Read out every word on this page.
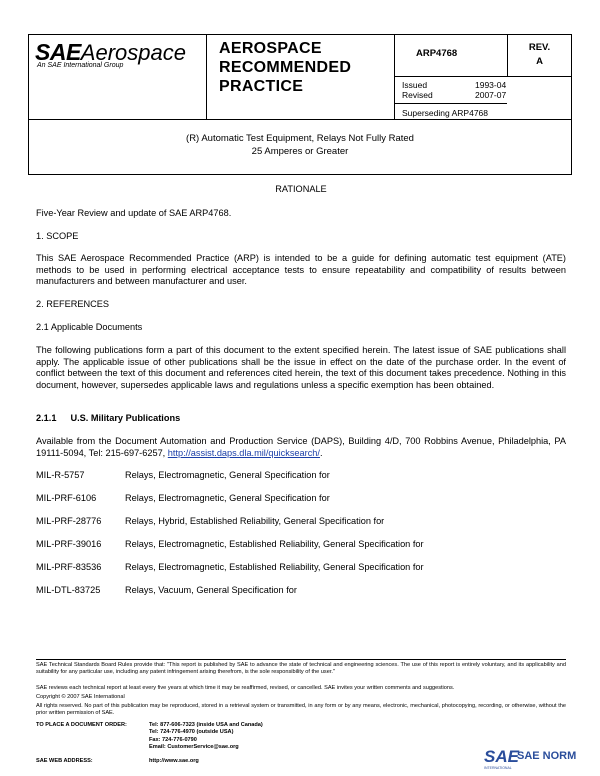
SAEAerospace
An SAE International Group
AEROSPACE
RECOMMENDED
PRACTICE
ARP4768
REV.
A
Issued	1993-04
Revised	2007-07
Superseding ARP4768
(R) Automatic Test Equipment, Relays Not Fully Rated
25 Amperes or Greater
RATIONALE
Five-Year Review and update of SAE ARP4768.
1. SCOPE
This SAE Aerospace Recommended Practice (ARP) is intended to be a guide for defining automatic test equipment (ATE) methods to be used in performing electrical acceptance tests to ensure repeatability and compatibility of results between manufacturers and between manufacturer and user.
2. REFERENCES
2.1 Applicable Documents
The following publications form a part of this document to the extent specified herein. The latest issue of SAE publications shall apply. The applicable issue of other publications shall be the issue in effect on the date of the purchase order. In the event of conflict between the text of this document and references cited herein, the text of this document takes precedence. Nothing in this document, however, supersedes applicable laws and regulations unless a specific exemption has been obtained.
2.1.1 U.S. Military Publications
Available from the Document Automation and Production Service (DAPS), Building 4/D, 700 Robbins Avenue, Philadelphia, PA 19111-5094, Tel: 215-697-6257, http://assist.daps.dla.mil/quicksearch/.
MIL-R-5757	Relays, Electromagnetic, General Specification for
MIL-PRF-6106	Relays, Electromagnetic, General Specification for
MIL-PRF-28776	Relays, Hybrid, Established Reliability, General Specification for
MIL-PRF-39016	Relays, Electromagnetic, Established Reliability, General Specification for
MIL-PRF-83536	Relays, Electromagnetic, Established Reliability, General Specification for
MIL-DTL-83725	Relays, Vacuum, General Specification for
SAE Technical Standards Board Rules provide that: "This report is published by SAE to advance the state of technical and engineering sciences. The use of this report is entirely voluntary, and its applicability and suitability for any particular use, including any patent infringement arising therefrom, is the sole responsibility of the user."
SAE reviews each technical report at least every five years at which time it may be reaffirmed, revised, or cancelled. SAE invites your written comments and suggestions.
Copyright © 2007 SAE International
All rights reserved. No part of this publication may be reproduced, stored in a retrieval system or transmitted, in any form or by any means, electronic, mechanical, photocopying, recording, or otherwise, without the prior written permission of SAE.
TO PLACE A DOCUMENT ORDER:	Tel: 877-606-7323 (inside USA and Canada)
Tel: 724-776-4970 (outside USA)
Fax: 724-776-0790
Email: CustomerService@sae.org
SAE WEB ADDRESS:	http://www.sae.org	SAE
SAE NORM
INTERNATIONAL
